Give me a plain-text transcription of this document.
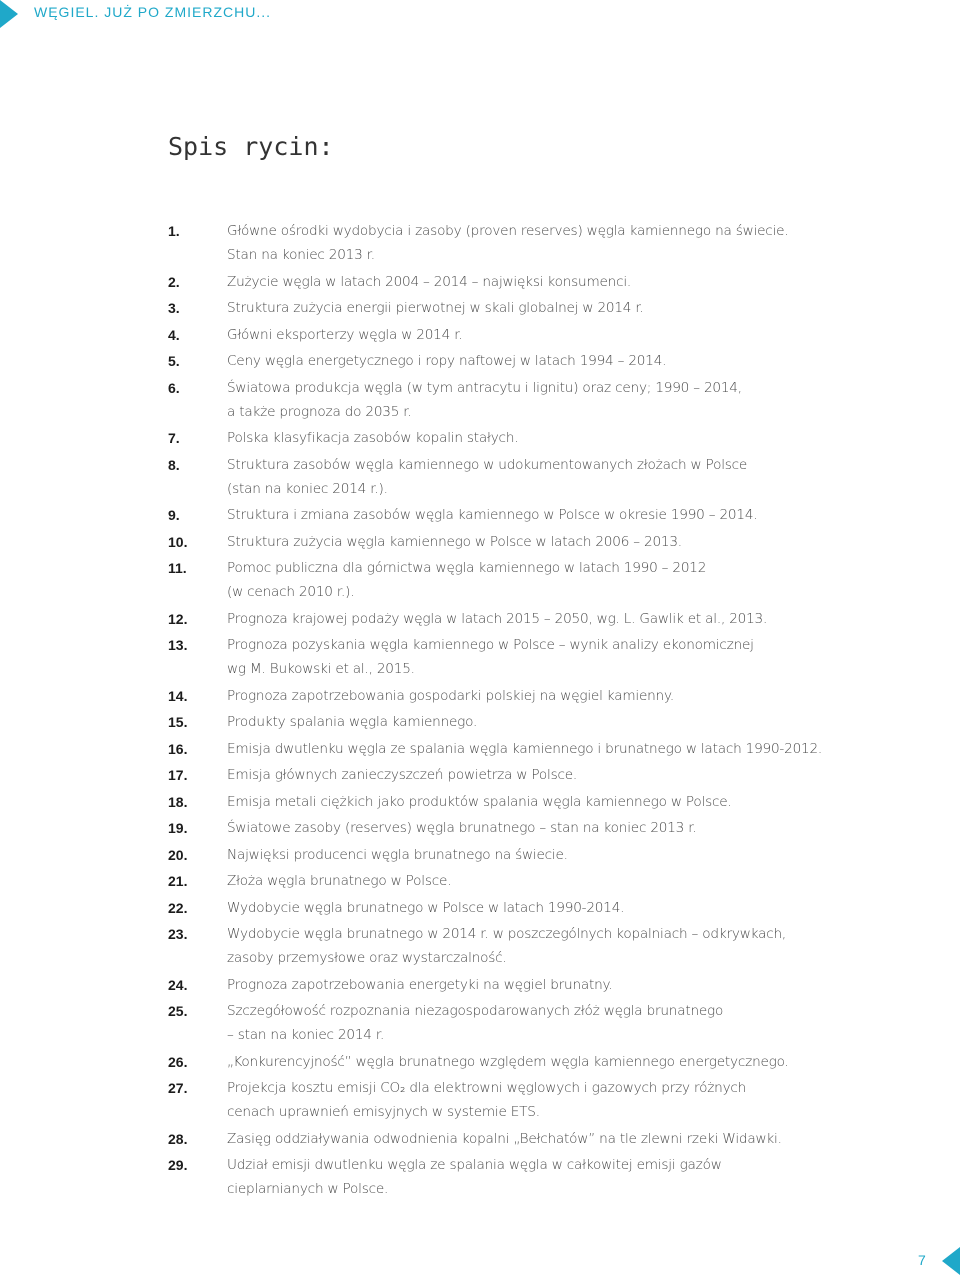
WĘGIEL. JUŻ PO ZMIERZCHU...
Spis rycin:
1.	Główne ośrodki wydobycia i zasoby (proven reserves) węgla kamiennego na świecie.
Stan na koniec 2013 r.
2.	Zużycie węgla w latach 2004 – 2014 – najwięksi konsumenci.
3.	Struktura zużycia energii pierwotnej w skali globalnej w 2014 r.
4.	Główni eksporterzy węgla w 2014 r.
5.	Ceny węgla energetycznego i ropy naftowej w latach 1994 – 2014.
6.	Światowa produkcja węgla (w tym antracytu i lignitu) oraz ceny; 1990 – 2014,
a także prognoza do 2035 r.
7.	Polska klasyfikacja zasobów kopalin stałych.
8.	Struktura zasobów węgla kamiennego w udokumentowanych złożach w Polsce
(stan na koniec 2014 r.).
9.	Struktura i zmiana zasobów węgla kamiennego w Polsce w okresie 1990 – 2014.
10.	Struktura zużycia węgla kamiennego w Polsce w latach 2006 – 2013.
11.	Pomoc publiczna dla górnictwa węgla kamiennego w latach 1990 – 2012
(w cenach 2010 r.).
12.	Prognoza krajowej podaży węgla w latach 2015 – 2050, wg. L. Gawlik et al., 2013.
13.	Prognoza pozyskania węgla kamiennego w Polsce – wynik analizy ekonomicznej
wg M. Bukowski et al., 2015.
14.	Prognoza zapotrzebowania gospodarki polskiej na węgiel kamienny.
15.	Produkty spalania węgla kamiennego.
16.	Emisja dwutlenku węgla ze spalania węgla kamiennego i brunatnego w latach 1990-2012.
17.	Emisja głównych zanieczyszczeń powietrza w Polsce.
18.	Emisja metali ciężkich jako produktów spalania węgla kamiennego w Polsce.
19.	Światowe zasoby (reserves) węgla brunatnego – stan na koniec 2013 r.
20.	Najwięksi producenci węgla brunatnego na świecie.
21.	Złoża węgla brunatnego w Polsce.
22.	Wydobycie węgla brunatnego w Polsce w latach 1990-2014.
23.	Wydobycie węgla brunatnego w 2014 r. w poszczególnych kopalniach – odkrywkach,
zasoby przemysłowe oraz wystarczalność.
24.	Prognoza zapotrzebowania energetyki na węgiel brunatny.
25.	Szczegółowość rozpoznania niezagospodarowanych złóż węgla brunatnego
– stan na koniec 2014 r.
26.	„Konkurencyjność” węgla brunatnego względem węgla kamiennego energetycznego.
27.	Projekcja kosztu emisji CO₂ dla elektrowni węglowych i gazowych przy różnych
cenach uprawnień emisyjnych w systemie ETS.
28.	Zasięg oddziaływania odwodnienia kopalni „Bełchatów” na tle zlewni rzeki Widawki.
29.	Udział emisji dwutlenku węgla ze spalania węgla w całkowitej emisji gazów
cieplarnianych w Polsce.
7
